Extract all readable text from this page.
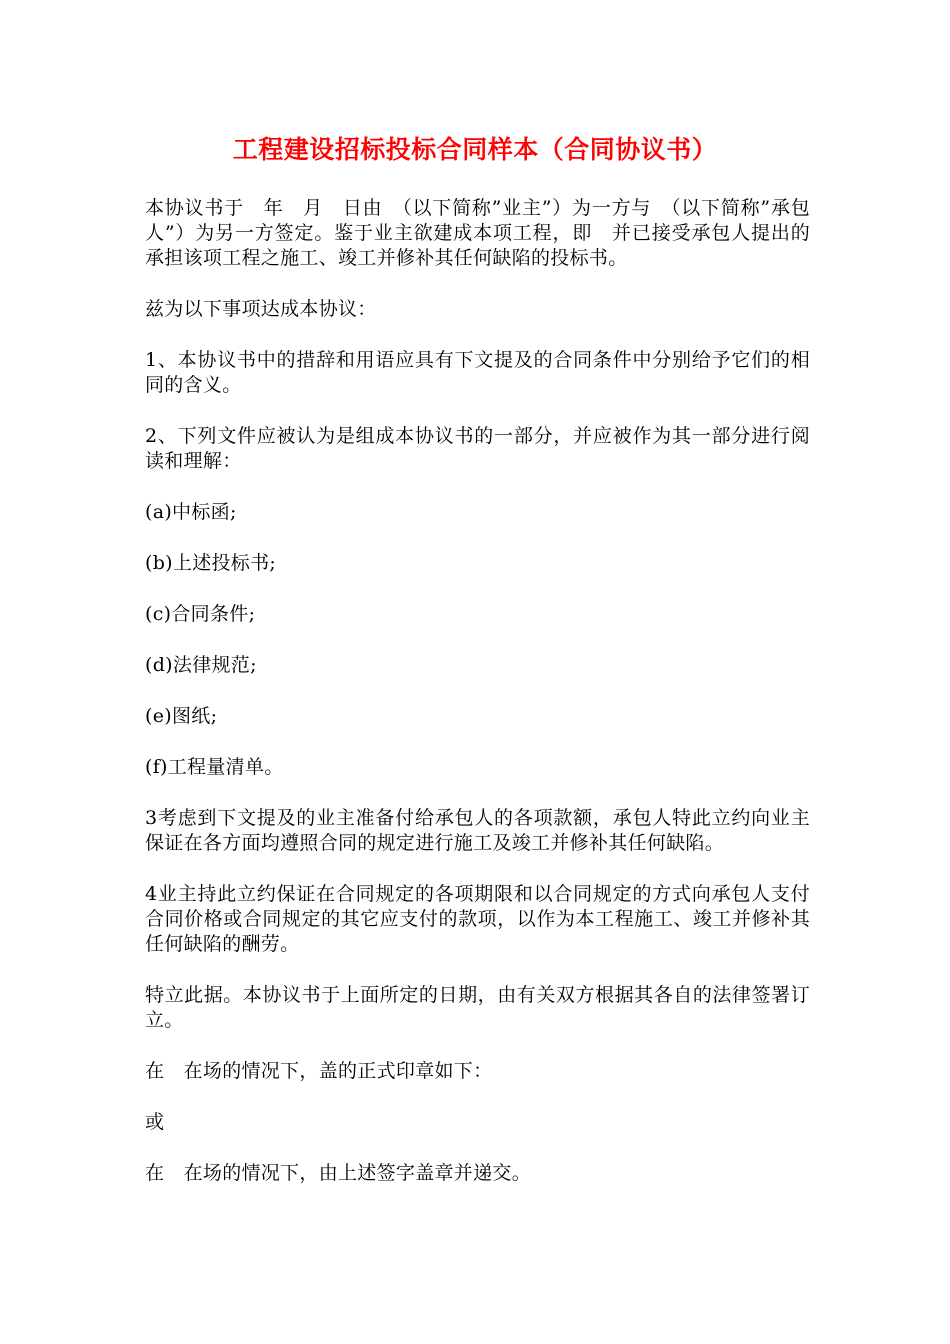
工程建设招标投标合同样本（合同协议书）

本协议书于　年　月　日由　（以下简称”业主”）为一方与　（以下简称”承包人”）为另一方签定。鉴于业主欲建成本项工程，即　并已接受承包人提出的承担该项工程之施工、竣工并修补其任何缺陷的投标书。

兹为以下事项达成本协议：

1、本协议书中的措辞和用语应具有下文提及的合同条件中分别给予它们的相同的含义。

2、下列文件应被认为是组成本协议书的一部分，并应被作为其一部分进行阅读和理解：

(a)中标函;

(b)上述投标书;

(c)合同条件;

(d)法律规范;

(e)图纸;

(f)工程量清单。

3考虑到下文提及的业主准备付给承包人的各项款额，承包人特此立约向业主保证在各方面均遵照合同的规定进行施工及竣工并修补其任何缺陷。

4业主持此立约保证在合同规定的各项期限和以合同规定的方式向承包人支付合同价格或合同规定的其它应支付的款项，以作为本工程施工、竣工并修补其任何缺陷的酬劳。

特立此据。本协议书于上面所定的日期，由有关双方根据其各自的法律签署订立。

在　在场的情况下，盖的正式印章如下：

或

在　在场的情况下，由上述签字盖章并递交。
